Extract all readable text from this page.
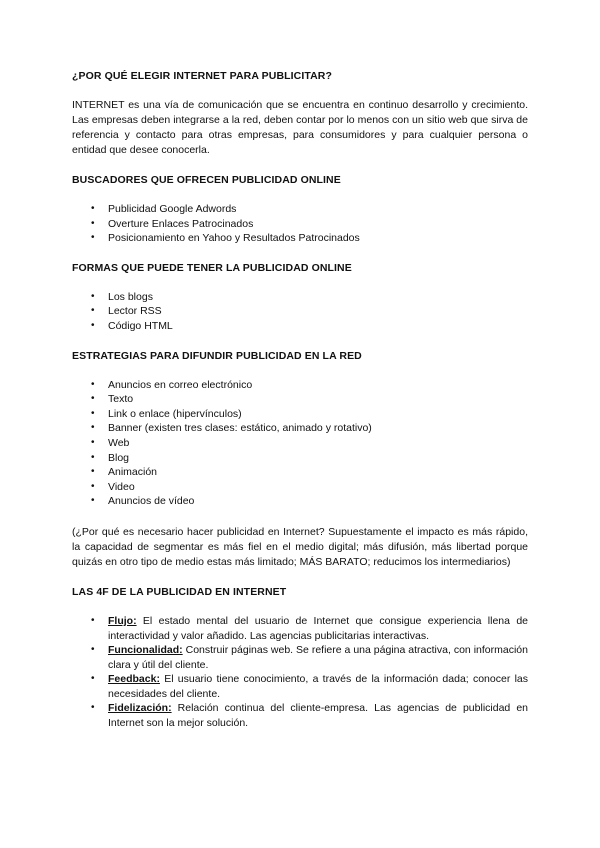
¿POR QUÉ ELEGIR INTERNET PARA PUBLICITAR?

INTERNET es una vía de comunicación que se encuentra en continuo desarrollo y crecimiento. Las empresas deben integrarse a la red, deben contar por lo menos con un sitio web que sirva de referencia y contacto para otras empresas, para consumidores y para cualquier persona o entidad que desee conocerla.

BUSCADORES QUE OFRECEN PUBLICIDAD ONLINE
• Publicidad Google Adwords
• Overture Enlaces Patrocinados
• Posicionamiento en Yahoo y Resultados Patrocinados
FORMAS QUE PUEDE TENER LA PUBLICIDAD ONLINE
• Los blogs
• Lector RSS
• Código HTML
ESTRATEGIAS PARA DIFUNDIR PUBLICIDAD EN LA RED
• Anuncios en correo electrónico
• Texto
• Link o enlace (hipervínculos)
• Banner (existen tres clases: estático, animado y rotativo)
• Web
• Blog
• Animación
• Video
• Anuncios de vídeo

(¿Por qué es necesario hacer publicidad en Internet? Supuestamente el impacto es más rápido, la capacidad de segmentar es más fiel en el medio digital; más difusión, más libertad porque quizás en otro tipo de medio estas más limitado; MÁS BARATO; reducimos los intermediarios)

LAS 4F DE LA PUBLICIDAD EN INTERNET
• Flujo: El estado mental del usuario de Internet que consigue experiencia llena de interactividad y valor añadido. Las agencias publicitarias interactivas.
• Funcionalidad: Construir páginas web. Se refiere a una página atractiva, con información clara y útil del cliente.
• Feedback: El usuario tiene conocimiento, a través de la información dada; conocer las necesidades del cliente.
• Fidelización: Relación continua del cliente-empresa. Las agencias de publicidad en Internet son la mejor solución.
